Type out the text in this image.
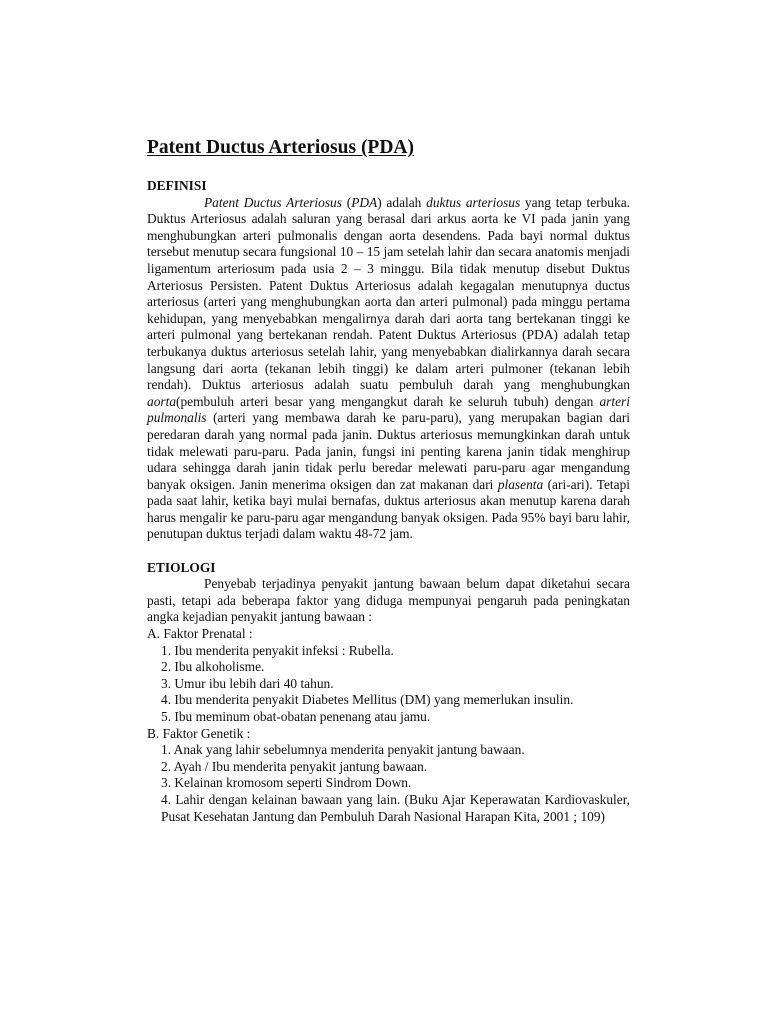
Patent Ductus Arteriosus (PDA)
DEFINISI

Patent Ductus Arteriosus (PDA) adalah duktus arteriosus yang tetap terbuka. Duktus Arteriosus adalah saluran yang berasal dari arkus aorta ke VI pada janin yang menghubungkan arteri pulmonalis dengan aorta desendens. Pada bayi normal duktus tersebut menutup secara fungsional 10 – 15 jam setelah lahir dan secara anatomis menjadi ligamentum arteriosum pada usia 2 – 3 minggu. Bila tidak menutup disebut Duktus Arteriosus Persisten. Patent Duktus Arteriosus adalah kegagalan menutupnya ductus arteriosus (arteri yang menghubungkan aorta dan arteri pulmonal) pada minggu pertama kehidupan, yang menyebabkan mengalirnya darah dari aorta tang bertekanan tinggi ke arteri pulmonal yang bertekanan rendah. Patent Duktus Arteriosus (PDA) adalah tetap terbukanya duktus arteriosus setelah lahir, yang menyebabkan dialirkannya darah secara langsung dari aorta (tekanan lebih tinggi) ke dalam arteri pulmoner (tekanan lebih rendah). Duktus arteriosus adalah suatu pembuluh darah yang menghubungkan aorta(pembuluh arteri besar yang mengangkut darah ke seluruh tubuh) dengan arteri pulmonalis (arteri yang membawa darah ke paru-paru), yang merupakan bagian dari peredaran darah yang normal pada janin. Duktus arteriosus memungkinkan darah untuk tidak melewati paru-paru. Pada janin, fungsi ini penting karena janin tidak menghirup udara sehingga darah janin tidak perlu beredar melewati paru-paru agar mengandung banyak oksigen. Janin menerima oksigen dan zat makanan dari plasenta (ari-ari). Tetapi pada saat lahir, ketika bayi mulai bernafas, duktus arteriosus akan menutup karena darah harus mengalir ke paru-paru agar mengandung banyak oksigen. Pada 95% bayi baru lahir, penutupan duktus terjadi dalam waktu 48-72 jam.

ETIOLOGI

Penyebab terjadinya penyakit jantung bawaan belum dapat diketahui secara pasti, tetapi ada beberapa faktor yang diduga mempunyai pengaruh pada peningkatan angka kejadian penyakit jantung bawaan :

A. Faktor Prenatal :

1. Ibu menderita penyakit infeksi : Rubella.
2. Ibu alkoholisme.
3. Umur ibu lebih dari 40 tahun.
4. Ibu menderita penyakit Diabetes Mellitus (DM) yang memerlukan insulin.
5. Ibu meminum obat-obatan penenang atau jamu.

B. Faktor Genetik :

1. Anak yang lahir sebelumnya menderita penyakit jantung bawaan.
2. Ayah / Ibu menderita penyakit jantung bawaan.
3. Kelainan kromosom seperti Sindrom Down.
4. Lahir dengan kelainan bawaan yang lain. (Buku Ajar Keperawatan Kardiovaskuler, Pusat Kesehatan Jantung dan Pembuluh Darah Nasional Harapan Kita, 2001 ; 109)
